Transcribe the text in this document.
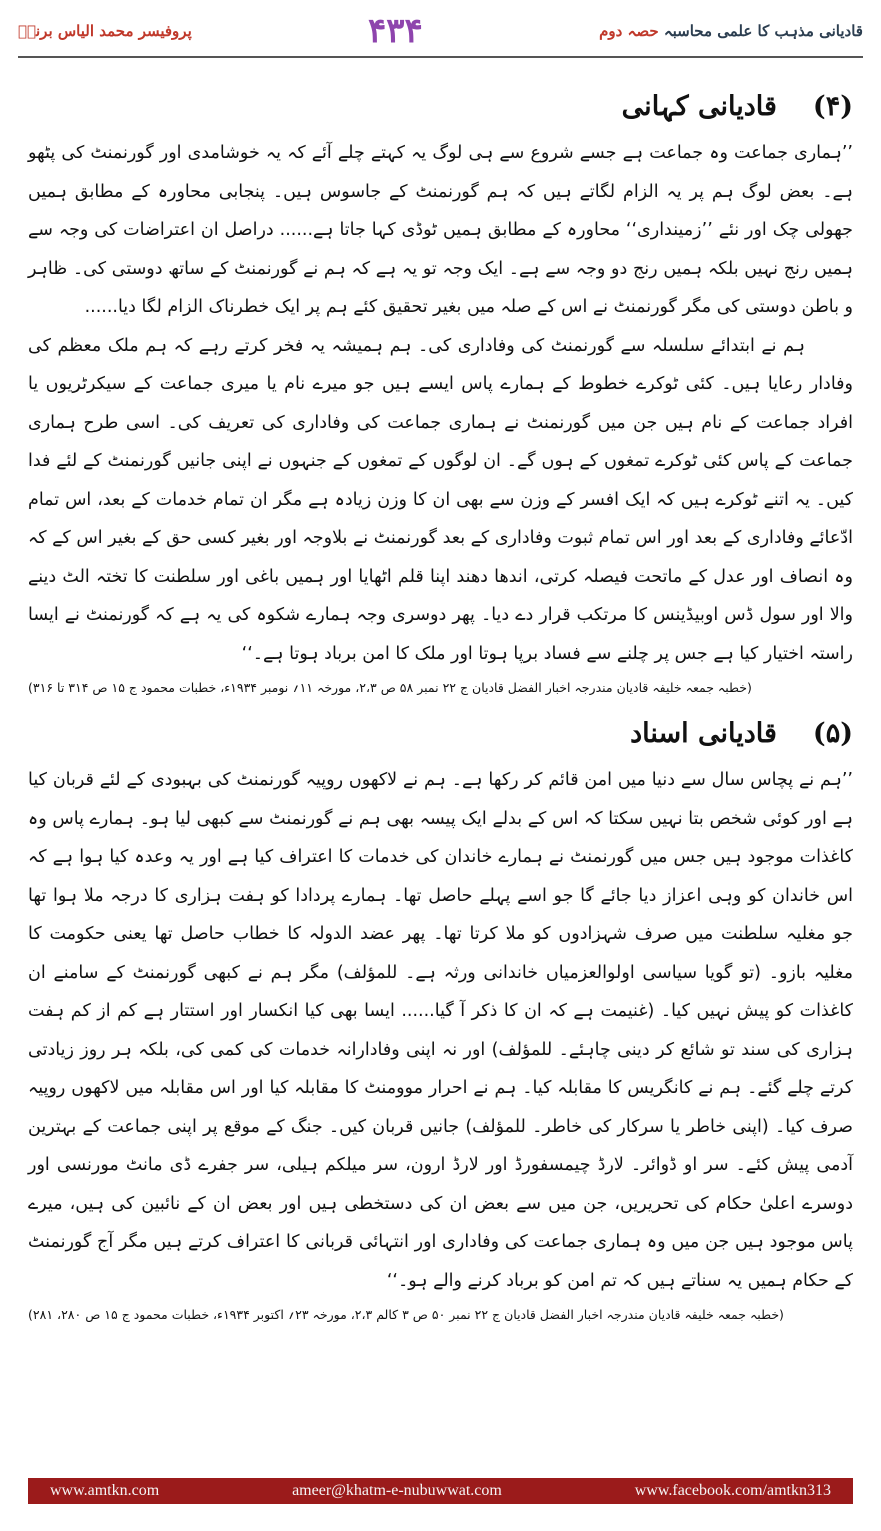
پروفیسر محمد الیاس برنی	۴۳۴	قادیانی مذہب کا علمی محاسبہ حصہ دوم
(۴)قادیانی کہانی

’’ہماری جماعت وہ جماعت ہے جسے شروع سے ہی لوگ یہ کہتے چلے آئے کہ یہ خوشامدی اور گورنمنٹ کی پٹھو ہے۔ بعض لوگ ہم پر یہ الزام لگاتے ہیں کہ ہم گورنمنٹ کے جاسوس ہیں۔ پنجابی محاورہ کے مطابق ہمیں جھولی چک اور نئے ’’زمینداری‘‘ محاورہ کے مطابق ہمیں ٹوڈی کہا جاتا ہے...... دراصل ان اعتراضات کی وجہ سے ہمیں رنج نہیں بلکہ ہمیں رنج دو وجہ سے ہے۔ ایک وجہ تو یہ ہے کہ ہم نے گورنمنٹ کے ساتھ دوستی کی۔ ظاہر و باطن دوستی کی مگر گورنمنٹ نے اس کے صلہ میں بغیر تحقیق کئے ہم پر ایک خطرناک الزام لگا دیا......

ہم نے ابتدائے سلسلہ سے گورنمنٹ کی وفاداری کی۔ ہم ہمیشہ یہ فخر کرتے رہے کہ ہم ملک معظم کی وفادار رعایا ہیں۔ کئی ٹوکرے خطوط کے ہمارے پاس ایسے ہیں جو میرے نام یا میری جماعت کے سیکرٹریوں یا افراد جماعت کے نام ہیں جن میں گورنمنٹ نے ہماری جماعت کی وفاداری کی تعریف کی۔ اسی طرح ہماری جماعت کے پاس کئی ٹوکرے تمغوں کے ہوں گے۔ ان لوگوں کے تمغوں کے جنہوں نے اپنی جانیں گورنمنٹ کے لئے فدا کیں۔ یہ اتنے ٹوکرے ہیں کہ ایک افسر کے وزن سے بھی ان کا وزن زیادہ ہے مگر ان تمام خدمات کے بعد، اس تمام ادّعائے وفاداری کے بعد اور اس تمام ثبوت وفاداری کے بعد گورنمنٹ نے بلاوجہ اور بغیر کسی حق کے بغیر اس کے کہ وہ انصاف اور عدل کے ماتحت فیصلہ کرتی، اندھا دھند اپنا قلم اٹھایا اور ہمیں باغی اور سلطنت کا تختہ الٹ دینے والا اور سول ڈس اوبیڈینس کا مرتکب قرار دے دیا۔ پھر دوسری وجہ ہمارے شکوہ کی یہ ہے کہ گورنمنٹ نے ایسا راستہ اختیار کیا ہے جس پر چلنے سے فساد برپا ہوتا اور ملک کا امن برباد ہوتا ہے۔‘‘

(خطبہ جمعہ خلیفہ قادیان مندرجہ اخبار الفضل قادیان ج ۲۲ نمبر ۵۸ ص ۲،۳، مورخہ ۱۱؍ نومبر ۱۹۳۴ء، خطبات محمود ج ۱۵ ص ۳۱۴ تا ۳۱۶)

(۵)قادیانی اسناد

’’ہم نے پچاس سال سے دنیا میں امن قائم کر رکھا ہے۔ ہم نے لاکھوں روپیہ گورنمنٹ کی بہبودی کے لئے قربان کیا ہے اور کوئی شخص بتا نہیں سکتا کہ اس کے بدلے ایک پیسہ بھی ہم نے گورنمنٹ سے کبھی لیا ہو۔ ہمارے پاس وہ کاغذات موجود ہیں جس میں گورنمنٹ نے ہمارے خاندان کی خدمات کا اعتراف کیا ہے اور یہ وعدہ کیا ہوا ہے کہ اس خاندان کو وہی اعزاز دیا جائے گا جو اسے پہلے حاصل تھا۔ ہمارے پردادا کو ہفت ہزاری کا درجہ ملا ہوا تھا جو مغلیہ سلطنت میں صرف شہزادوں کو ملا کرتا تھا۔ پھر عضد الدولہ کا خطاب حاصل تھا یعنی حکومت کا مغلیہ بازو۔ (تو گویا سیاسی اولوالعزمیاں خاندانی ورثہ ہے۔ للمؤلف) مگر ہم نے کبھی گورنمنٹ کے سامنے ان کاغذات کو پیش نہیں کیا۔ (غنیمت ہے کہ ان کا ذکر آ گیا...... ایسا بھی کیا انکسار اور استتار ہے کم از کم ہفت ہزاری کی سند تو شائع کر دینی چاہئے۔ للمؤلف) اور نہ اپنی وفادارانہ خدمات کی کمی کی، بلکہ ہر روز زیادتی کرتے چلے گئے۔ ہم نے کانگریس کا مقابلہ کیا۔ ہم نے احرار موومنٹ کا مقابلہ کیا اور اس مقابلہ میں لاکھوں روپیہ صرف کیا۔ (اپنی خاطر یا سرکار کی خاطر۔ للمؤلف) جانیں قربان کیں۔ جنگ کے موقع پر اپنی جماعت کے بہترین آدمی پیش کئے۔ سر او ڈوائر۔ لارڈ چیمسفورڈ اور لارڈ ارون، سر میلکم ہیلی، سر جفرے ڈی مانٹ مورنسی اور دوسرے اعلیٰ حکام کی تحریریں، جن میں سے بعض ان کی دستخطی ہیں اور بعض ان کے نائبین کی ہیں، میرے پاس موجود ہیں جن میں وہ ہماری جماعت کی وفاداری اور انتہائی قربانی کا اعتراف کرتے ہیں مگر آج گورنمنٹ کے حکام ہمیں یہ سناتے ہیں کہ تم امن کو برباد کرنے والے ہو۔‘‘

(خطبہ جمعہ خلیفہ قادیان مندرجہ اخبار الفضل قادیان ج ۲۲ نمبر ۵۰ ص ۳ کالم ۲،۳، مورخہ ۲۳؍ اکتوبر ۱۹۳۴ء، خطبات محمود ج ۱۵ ص ۲۸۰، ۲۸۱)

www.amtkn.com	ameer@khatm-e-nubuwwat.com	www.facebook.com/amtkn313
